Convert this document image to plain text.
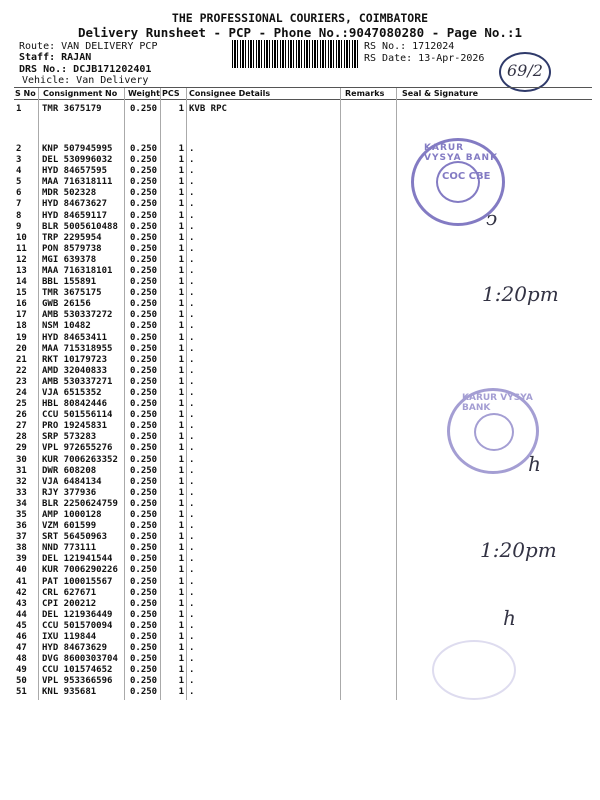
THE PROFESSIONAL COURIERS, COIMBATORE
Delivery Runsheet - PCP - Phone No.:9047080280 - Page No.:1
Route: VAN DELIVERY PCP
Staff: RAJAN
DRS No.: DCJB171202401
Vehicle: Van Delivery
RS No.: 1712024
RS Date: 13-Apr-2026
69/2
S No Consignment No Weight PCS Consignee Details	Remarks Seal & Signature
1 TMR 3675179	0.250	1 KVB RPC
2 KNP 507945995 0.250	1 .
3 DEL 530996032 0.250	1 .
4 HYD 84657595	0.250	1 .
5 MAA 716318111 0.250	1 .
6 MDR 502328	0.250	1 .
7 HYD 84673627	0.250	1 .
8 HYD 84659117	0.250	1 .
9 BLR 5005610488 0.250	1 .
10 TRP 2295954	0.250	1 .
11 PON 8579738	0.250	1 .
12 MGI 639378	0.250	1 .
13 MAA 716318101 0.250	1 .
14 BBL 155891	0.250	1 .
15 TMR 3675175	0.250	1 .
16 GWB 26156	0.250	1 .
17 AMB 530337272 0.250	1 .
18 NSM 10482	0.250	1 .
19 HYD 84653411	0.250	1 .
20 MAA 715318955 0.250	1 .
21 RKT 10179723	0.250	1 .
22 AMD 32040833	0.250	1 .
23 AMB 530337271 0.250	1 .
24 VJA 6515352	0.250	1 .
25 HBL 80842446	0.250	1 .
26 CCU 501556114 0.250	1 .
27 PRO 19245831	0.250	1 .
28 SRP 573283	0.250	1 .
29 VPL 972655276 0.250	1 .
30 KUR 7006263352 0.250	1 .
31 DWR 608208	0.250	1 .
32 VJA 6484134	0.250	1 .
33 RJY 377936	0.250	1 .
34 BLR 2250624759 0.250	1 .
35 AMP 1000128	0.250	1 .
36 VZM 601599	0.250	1 .
37 SRT 56450963	0.250	1 .
38 NND 773111	0.250	1 .
39 DEL 121941544 0.250	1 .
40 KUR 7006290226 0.250	1 .
41 PAT 100015567 0.250	1 .
42 CRL 627671	0.250	1 .
43 CPI 200212	0.250	1 .
44 DEL 121936449 0.250	1 .
45 CCU 501570094 0.250	1 .
46 IXU 119844	0.250	1 .
47 HYD 84673629	0.250	1 .
48 DVG 8600303704 0.250	1 .
49 CCU 101574652 0.250	1 .
50 VPL 953366596 0.250	1 .
51 KNL 935681	0.250	1 .
KARUR VYSYA BANK
COC CBE
ↄ
1:20pm
KARUR VYSYA BANK
ℎ
1:20pm
ℎ
